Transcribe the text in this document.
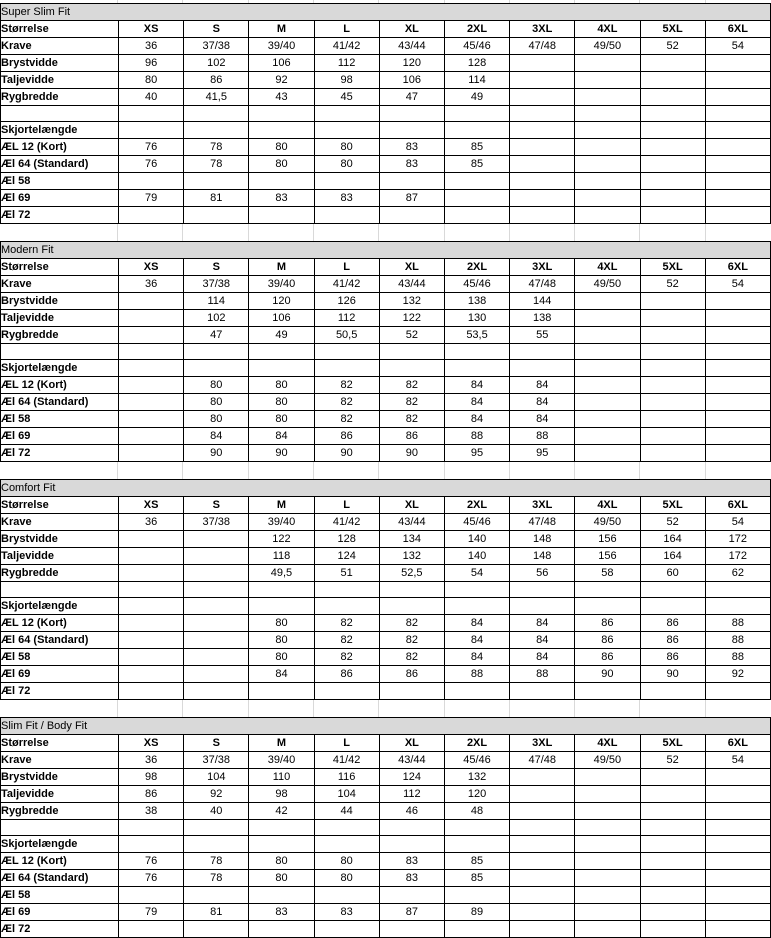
Super Slim Fit										
Størrelse	XS	S	M	L	XL	2XL	3XL	4XL	5XL	6XL
Krave	36	37/38	39/40	41/42	43/44	45/46	47/48	49/50	52	54
Brystvidde	96	102	106	112	120	128				
Taljevidde	80	86	92	98	106	114				
Rygbredde	40	41,5	43	45	47	49				

Skjortelængde										
ÆL 12 (Kort)	76	78	80	80	83	85				
Æl 64 (Standard)	76	78	80	80	83	85				
Æl 58										
Æl 69	79	81	83	83	87					
Æl 72										
Modern Fit										
Størrelse	XS	S	M	L	XL	2XL	3XL	4XL	5XL	6XL
Krave	36	37/38	39/40	41/42	43/44	45/46	47/48	49/50	52	54
Brystvidde		114	120	126	132	138	144			
Taljevidde		102	106	112	122	130	138			
Rygbredde		47	49	50,5	52	53,5	55			

Skjortelængde										
ÆL 12 (Kort)		80	80	82	82	84	84			
Æl 64 (Standard)		80	80	82	82	84	84			
Æl 58		80	80	82	82	84	84			
Æl 69		84	84	86	86	88	88			
Æl 72		90	90	90	90	95	95			
Comfort Fit										
Størrelse	XS	S	M	L	XL	2XL	3XL	4XL	5XL	6XL
Krave	36	37/38	39/40	41/42	43/44	45/46	47/48	49/50	52	54
Brystvidde			122	128	134	140	148	156	164	172
Taljevidde			118	124	132	140	148	156	164	172
Rygbredde			49,5	51	52,5	54	56	58	60	62

Skjortelængde										
ÆL 12 (Kort)			80	82	82	84	84	86	86	88
Æl 64 (Standard)			80	82	82	84	84	86	86	88
Æl 58			80	82	82	84	84	86	86	88
Æl 69			84	86	86	88	88	90	90	92
Æl 72										
Slim Fit / Body Fit										
Størrelse	XS	S	M	L	XL	2XL	3XL	4XL	5XL	6XL
Krave	36	37/38	39/40	41/42	43/44	45/46	47/48	49/50	52	54
Brystvidde	98	104	110	116	124	132				
Taljevidde	86	92	98	104	112	120				
Rygbredde	38	40	42	44	46	48				

Skjortelængde										
ÆL 12 (Kort)	76	78	80	80	83	85				
Æl 64 (Standard)	76	78	80	80	83	85				
Æl 58										
Æl 69	79	81	83	83	87	89				
Æl 72										
